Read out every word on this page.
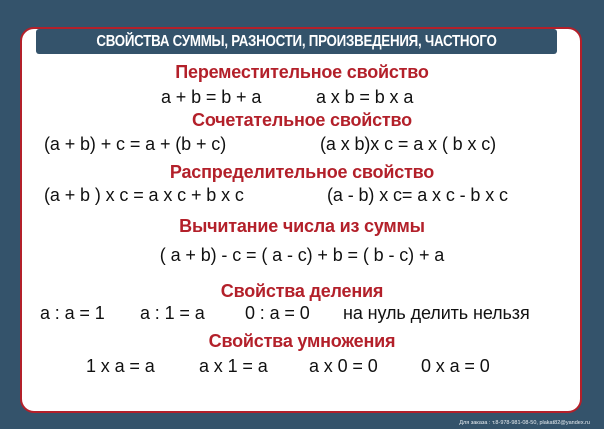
СВОЙСТВА СУММЫ, РАЗНОСТИ, ПРОИЗВЕДЕНИЯ, ЧАСТНОГО
Переместительное свойство
a + b = b + a	a x b = b x a
Сочетательное свойство
(a + b) + c = a + (b + c)	(a x b)x c = a x ( b x c)
Распределительное свойство
(a + b ) x c = a x c + b x c	(a - b) x c= a x c - b x c
Вычитание числа из суммы
( a + b) - c = ( a - c) + b = ( b - c) + a
Свойства деления
a : a = 1 a : 1 = a 0 : a = 0 на нуль делить нельзя
Свойства умножения
1 x a = a a x 1 = a a x 0 = 0 0 x a = 0
Для заказа : т.8-978-981-08-50, plakat82@yandex.ru
